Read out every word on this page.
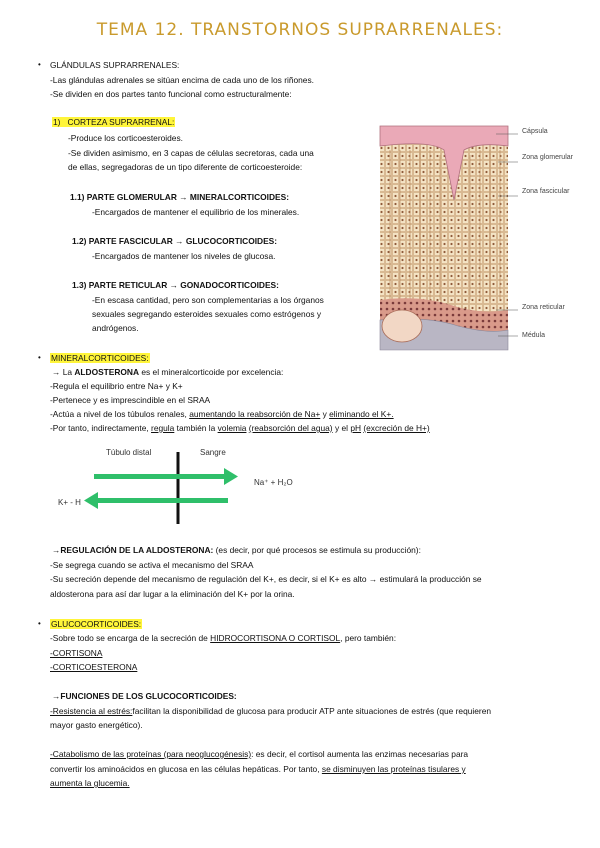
TEMA 12. TRANSTORNOS SUPRARRENALES:
• GLÁNDULAS SUPRARRENALES:
-Las glándulas adrenales se sitúan encima de cada uno de los riñones.
-Se dividen en dos partes tanto funcional como estructuralmente:
1) CORTEZA SUPRARRENAL:
-Produce los corticoesteroides.
-Se dividen asimismo, en 3 capas de células secretoras, cada una
de ellas, segregadoras de un tipo diferente de corticoesteroide:
1.1) PARTE GLOMERULAR → MINERALCORTICOIDES:
-Encargados de mantener el equilibrio de los minerales.
1.2) PARTE FASCICULAR → GLUCOCORTICOIDES:
-Encargados de mantener los niveles de glucosa.
1.3) PARTE RETICULAR → GONADOCORTICOIDES:
-En escasa cantidad, pero son complementarias a los órganos
sexuales segregando esteroides sexuales como estrógenos y
andrógenos.
Cápsula
Zona glomerular
Zona fascicular
Zona reticular
Médula
• MINERALCORTICOIDES:
→ La ALDOSTERONA es el mineralcorticoide por excelencia:
-Regula el equilibrio entre Na+ y K+
-Pertenece y es imprescindible en el SRAA
-Actúa a nivel de los túbulos renales, aumentando la reabsorción de Na+ y eliminando el K+.
-Por tanto, indirectamente, regula también la volemia (reabsorción del agua) y el pH (excreción de H+)
Túbulo distal	Sangre
Na⁺ + H₂O
K+ - H
→REGULACIÓN DE LA ALDOSTERONA: (es decir, por qué procesos se estimula su producción):
-Se segrega cuando se activa el mecanismo del SRAA
-Su secreción depende del mecanismo de regulación del K+, es decir, si el K+ es alto → estimulará la producción se
aldosterona para así dar lugar a la eliminación del K+ por la orina.
• GLUCOCORTICOIDES:
-Sobre todo se encarga de la secreción de HIDROCORTISONA O CORTISOL, pero también:
-CORTISONA
-CORTICOESTERONA
→FUNCIONES DE LOS GLUCOCORTICOIDES:
-Resistencia al estrés:facilitan la disponibilidad de glucosa para producir ATP ante situaciones de estrés (que requieren
mayor gasto energético).
-Catabolismo de las proteínas (para neoglucogénesis): es decir, el cortisol aumenta las enzimas necesarias para
convertir los aminoácidos en glucosa en las células hepáticas. Por tanto, se disminuyen las proteínas tisulares y
aumenta la glucemia.
